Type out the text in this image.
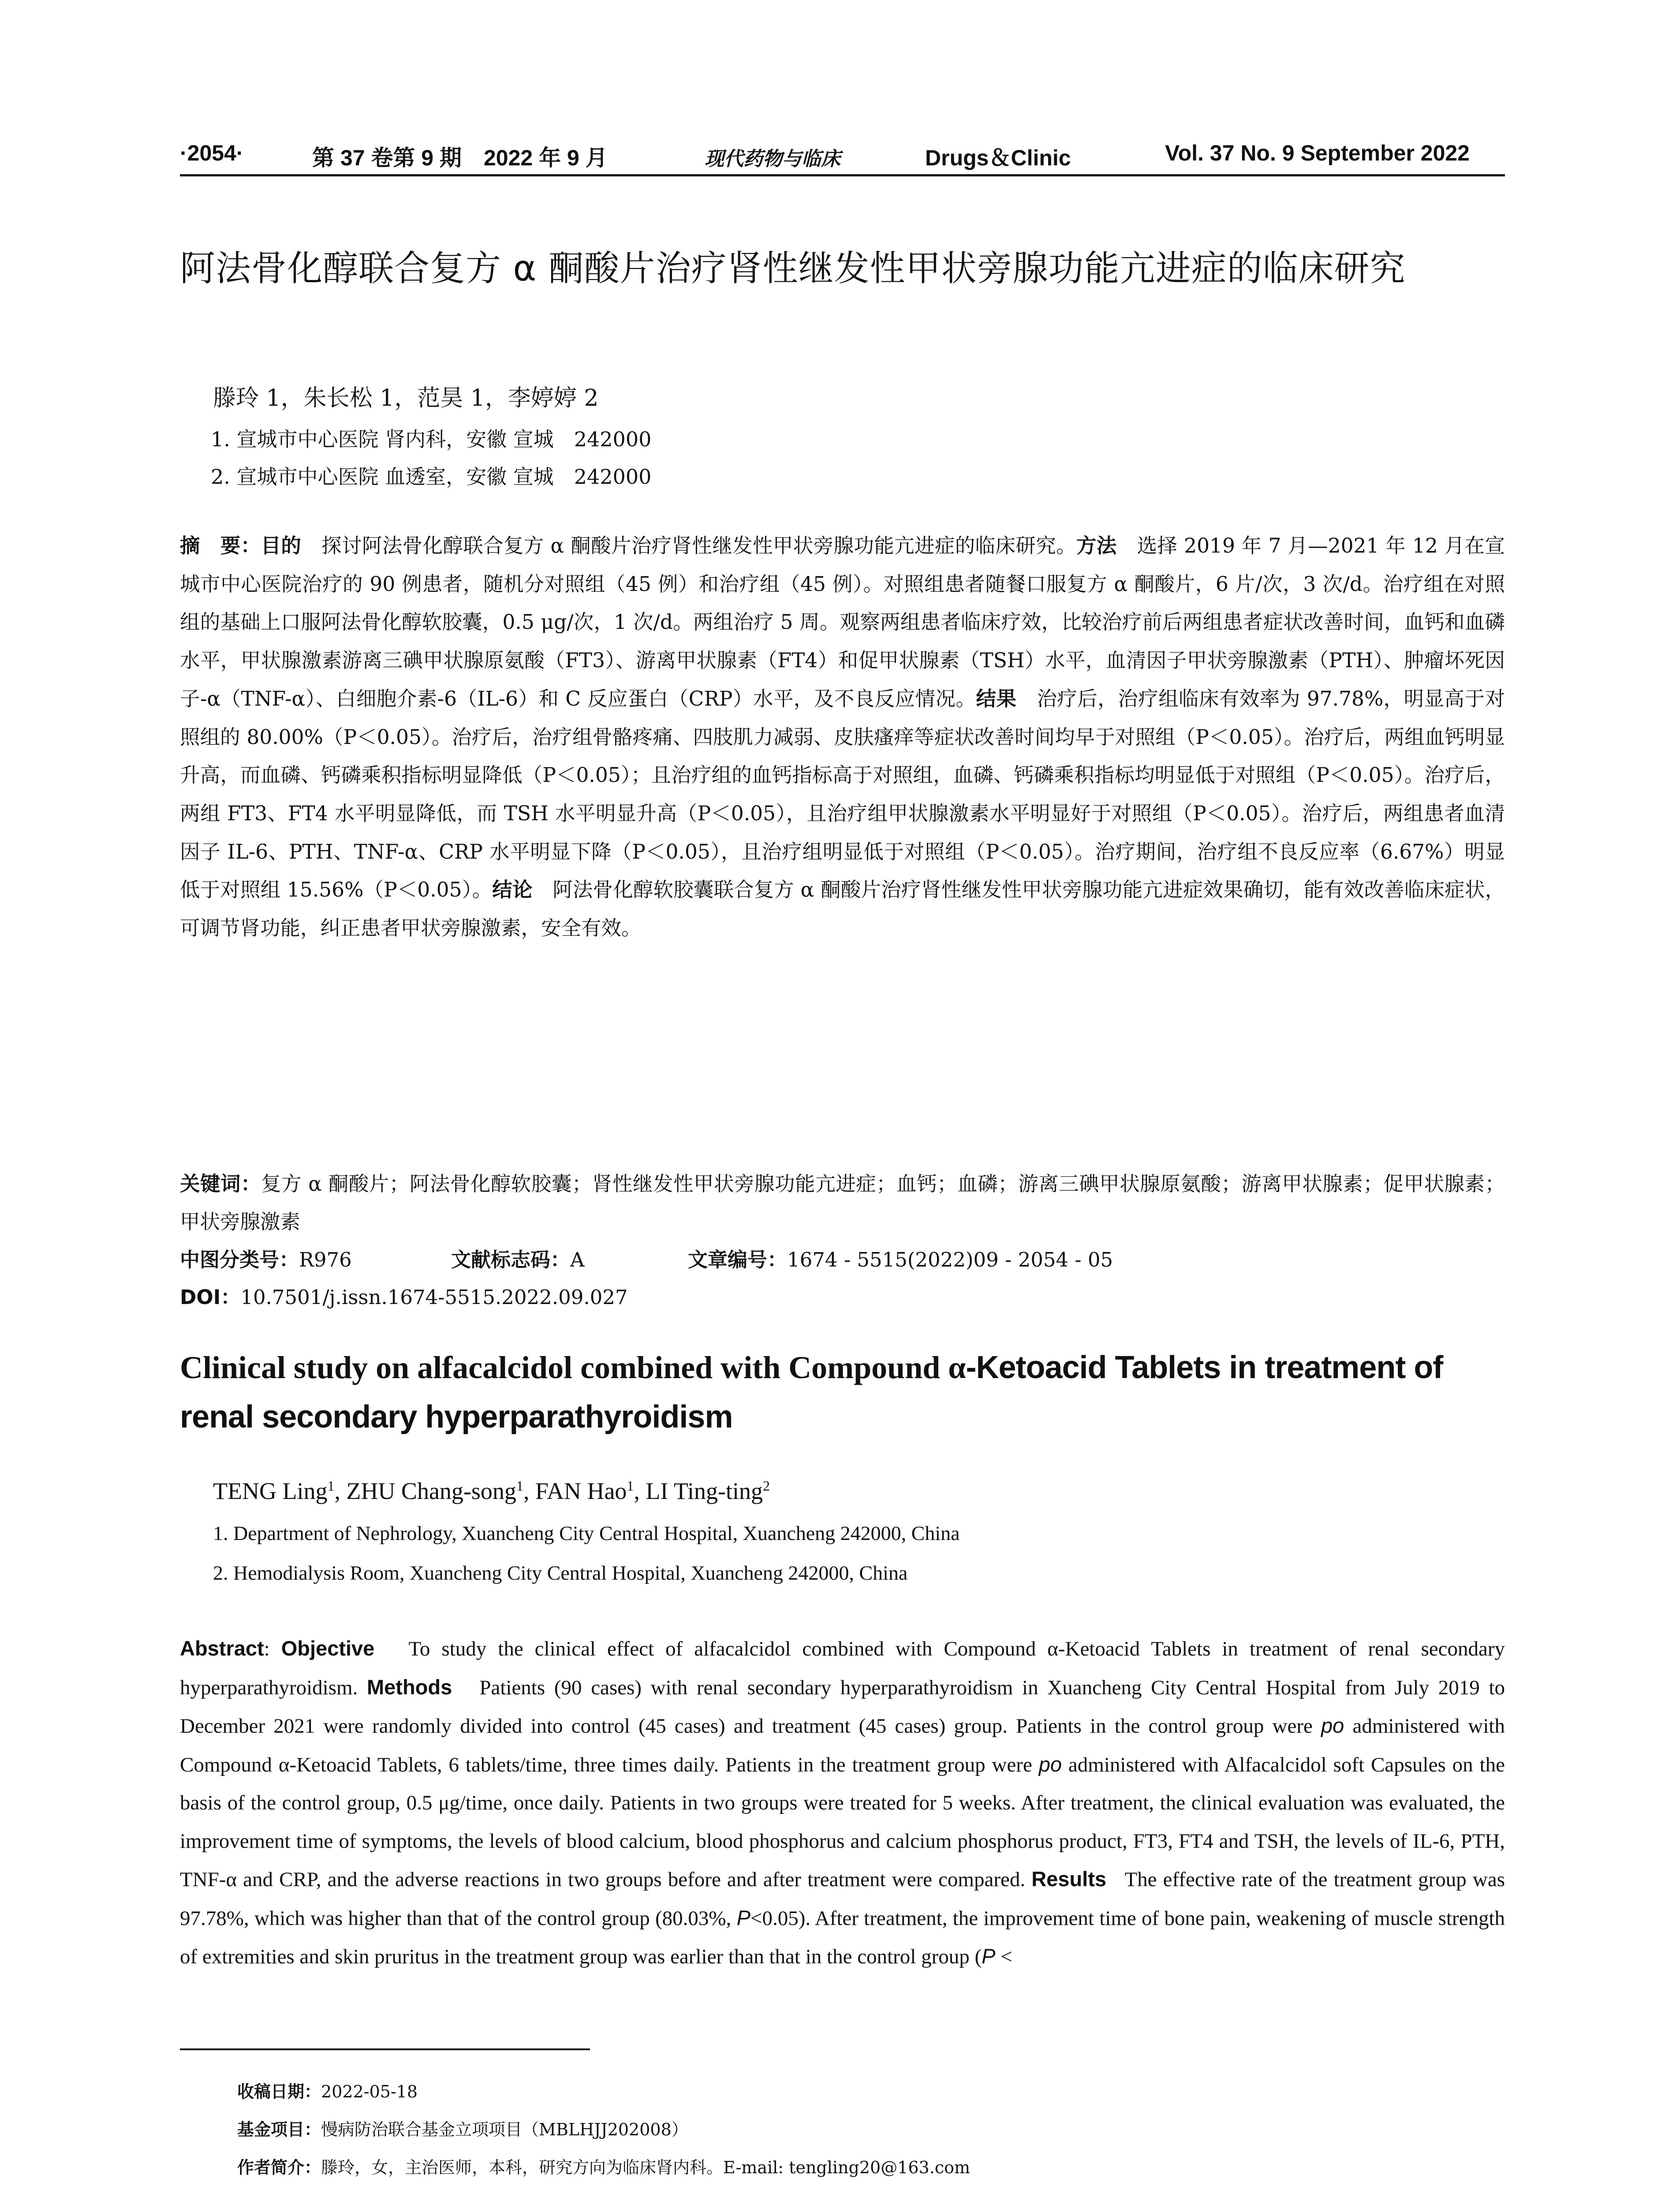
·2054·	第 37 卷第 9 期　2022 年 9 月	现代药物与临床	Drugs＆Clinic	Vol. 37 No. 9 September 2022
阿法骨化醇联合复方 α 酮酸片治疗肾性继发性甲状旁腺功能亢进症的临床研究
滕玲 1，朱长松 1，范昊 1，李婷婷 2
1. 宣城市中心医院 肾内科，安徽 宣城　242000
2. 宣城市中心医院 血透室，安徽 宣城　242000
摘　要：目的　 探讨阿法骨化醇联合复方 α 酮酸片治疗肾性继发性甲状旁腺功能亢进症的临床研究。方法　 选择 2019 年 7 月—2021 年 12 月在宣城市中心医院治疗的 90 例患者，随机分对照组（45 例）和治疗组（45 例）。对照组患者随餐口服复方 α 酮酸片，6 片/次，3 次/d。治疗组在对照组的基础上口服阿法骨化醇软胶囊，0.5 μg/次，1 次/d。两组治疗 5 周。观察两组患者临床疗效，比较治疗前后两组患者症状改善时间，血钙和血磷水平，甲状腺激素游离三碘甲状腺原氨酸（FT3）、游离甲状腺素（FT4）和促甲状腺素（TSH）水平，血清因子甲状旁腺激素（PTH）、肿瘤坏死因子-α（TNF-α）、白细胞介素-6（IL-6）和 C 反应蛋白（CRP）水平，及不良反应情况。结果　 治疗后，治疗组临床有效率为 97.78%，明显高于对照组的 80.00%（P＜0.05）。治疗后，治疗组骨骼疼痛、四肢肌力减弱、皮肤瘙痒等症状改善时间均早于对照组（P＜0.05）。治疗后，两组血钙明显升高，而血磷、钙磷乘积指标明显降低（P＜0.05）；且治疗组的血钙指标高于对照组，血磷、钙磷乘积指标均明显低于对照组（P＜0.05）。治疗后，两组 FT3、FT4 水平明显降低，而 TSH 水平明显升高（P＜0.05），且治疗组甲状腺激素水平明显好于对照组（P＜0.05）。治疗后，两组患者血清因子 IL-6、PTH、TNF-α、CRP 水平明显下降（P＜0.05），且治疗组明显低于对照组（P＜0.05）。治疗期间，治疗组不良反应率（6.67%）明显低于对照组 15.56%（P＜0.05）。结论　 阿法骨化醇软胶囊联合复方 α 酮酸片治疗肾性继发性甲状旁腺功能亢进症效果确切，能有效改善临床症状，可调节肾功能，纠正患者甲状旁腺激素，安全有效。
关键词：复方 α 酮酸片；阿法骨化醇软胶囊；肾性继发性甲状旁腺功能亢进症；血钙；血磷；游离三碘甲状腺原氨酸；游离甲状腺素；促甲状腺素；甲状旁腺激素
中图分类号：R976	文献标志码：A	文章编号：1674 - 5515(2022)09 - 2054 - 05
DOI：10.7501/j.issn.1674-5515.2022.09.027
Clinical study on alfacalcidol combined with Compound α-Ketoacid Tablets in treatment of renal secondary hyperparathyroidism
TENG Ling$^1$, ZHU Chang-song$^1$, FAN Hao$^1$, LI Ting-ting$^2$
1. Department of Nephrology, Xuancheng City Central Hospital, Xuancheng 242000, China
2. Hemodialysis Room, Xuancheng City Central Hospital, Xuancheng 242000, China
Abstract: Objective To study the clinical effect of alfacalcidol combined with Compound α-Ketoacid Tablets in treatment of renal secondary hyperparathyroidism. Methods Patients (90 cases) with renal secondary hyperparathyroidism in Xuancheng City Central Hospital from July 2019 to December 2021 were randomly divided into control (45 cases) and treatment (45 cases) group. Patients in the control group were po administered with Compound α-Ketoacid Tablets, 6 tablets/time, three times daily. Patients in the treatment group were po administered with Alfacalcidol soft Capsules on the basis of the control group, 0.5 μg/time, once daily. Patients in two groups were treated for 5 weeks. After treatment, the clinical evaluation was evaluated, the improvement time of symptoms, the levels of blood calcium, blood phosphorus and calcium phosphorus product, FT3, FT4 and TSH, the levels of IL-6, PTH, TNF-α and CRP, and the adverse reactions in two groups before and after treatment were compared. Results The effective rate of the treatment group was 97.78%, which was higher than that of the control group (80.03%, P<0.05). After treatment, the improvement time of bone pain, weakening of muscle strength of extremities and skin pruritus in the treatment group was earlier than that in the control group (P <
收稿日期：2022-05-18
基金项目：慢病防治联合基金立项项目（MBLHJJ202008）
作者简介：滕玲，女，主治医师，本科，研究方向为临床肾内科。E-mail: tengling20@163.com
